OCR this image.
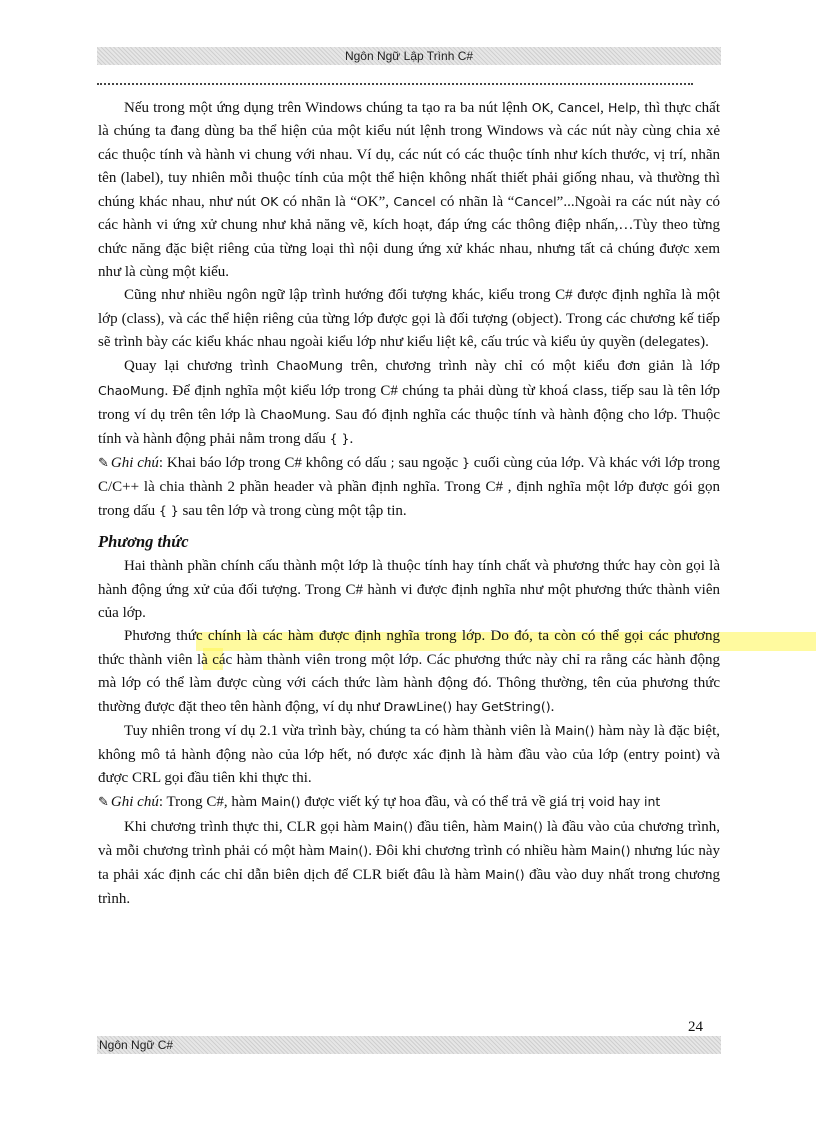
Ngôn Ngữ Lập Trình C#

Nếu trong một ứng dụng trên Windows chúng ta tạo ra ba nút lệnh OK, Cancel, Help, thì thực chất là chúng ta đang dùng ba thể hiện của một kiểu nút lệnh trong Windows và các nút này cùng chia xẻ các thuộc tính và hành vi chung với nhau. Ví dụ, các nút có các thuộc tính như kích thước, vị trí, nhãn tên (label), tuy nhiên mỗi thuộc tính của một thể hiện không nhất thiết phải giống nhau, và thường thì chúng khác nhau, như nút OK có nhãn là “OK”, Cancel có nhãn là “Cancel”...Ngoài ra các nút này có các hành vi ứng xử chung như khả năng vẽ, kích hoạt, đáp ứng các thông điệp nhấn,…Tùy theo từng chức năng đặc biệt riêng của từng loại thì nội dung ứng xử khác nhau, nhưng tất cả chúng được xem như là cùng một kiểu.

Cũng như nhiều ngôn ngữ lập trình hướng đối tượng khác, kiểu trong C# được định nghĩa là một lớp (class), và các thể hiện riêng của từng lớp được gọi là đối tượng (object). Trong các chương kế tiếp sẽ trình bày các kiểu khác nhau ngoài kiểu lớp như kiểu liệt kê, cấu trúc và kiểu ủy quyền (delegates).

Quay lại chương trình ChaoMung trên, chương trình này chỉ có một kiểu đơn giản là lớp ChaoMung. Để định nghĩa một kiểu lớp trong C# chúng ta phải dùng từ khoá class, tiếp sau là tên lớp trong ví dụ trên tên lớp là ChaoMung. Sau đó định nghĩa các thuộc tính và hành động cho lớp. Thuộc tính và hành động phải nằm trong dấu { }.

✎ Ghi chú: Khai báo lớp trong C# không có dấu ; sau ngoặc } cuối cùng của lớp. Và khác với lớp trong C/C++ là chia thành 2 phần header và phần định nghĩa. Trong C# , định nghĩa một lớp được gói gọn trong dấu { } sau tên lớp và trong cùng một tập tin.

Phương thức

Hai thành phần chính cấu thành một lớp là thuộc tính hay tính chất và phương thức hay còn gọi là hành động ứng xử của đối tượng. Trong C# hành vi được định nghĩa như một phương thức thành viên của lớp.

Phương thức chính là các hàm được định nghĩa trong lớp. Do đó, ta còn có thể gọi các phương thức thành viên là các hàm thành viên trong một lớp. Các phương thức này chỉ ra rằng các hành động mà lớp có thể làm được cùng với cách thức làm hành động đó. Thông thường, tên của phương thức thường được đặt theo tên hành động, ví dụ như DrawLine() hay GetString().

Tuy nhiên trong ví dụ 2.1 vừa trình bày, chúng ta có hàm thành viên là Main() hàm này là đặc biệt, không mô tả hành động nào của lớp hết, nó được xác định là hàm đầu vào của lớp (entry point) và được CRL gọi đầu tiên khi thực thi.

✎ Ghi chú: Trong C#, hàm Main() được viết ký tự hoa đầu, và có thể trả về giá trị void hay int

Khi chương trình thực thi, CLR gọi hàm Main() đầu tiên, hàm Main() là đầu vào của chương trình, và mỗi chương trình phải có một hàm Main(). Đôi khi chương trình có nhiều hàm Main() nhưng lúc này ta phải xác định các chỉ dẫn biên dịch để CLR biết đâu là hàm Main() đầu vào duy nhất trong chương trình.

24
Ngôn Ngữ C#
